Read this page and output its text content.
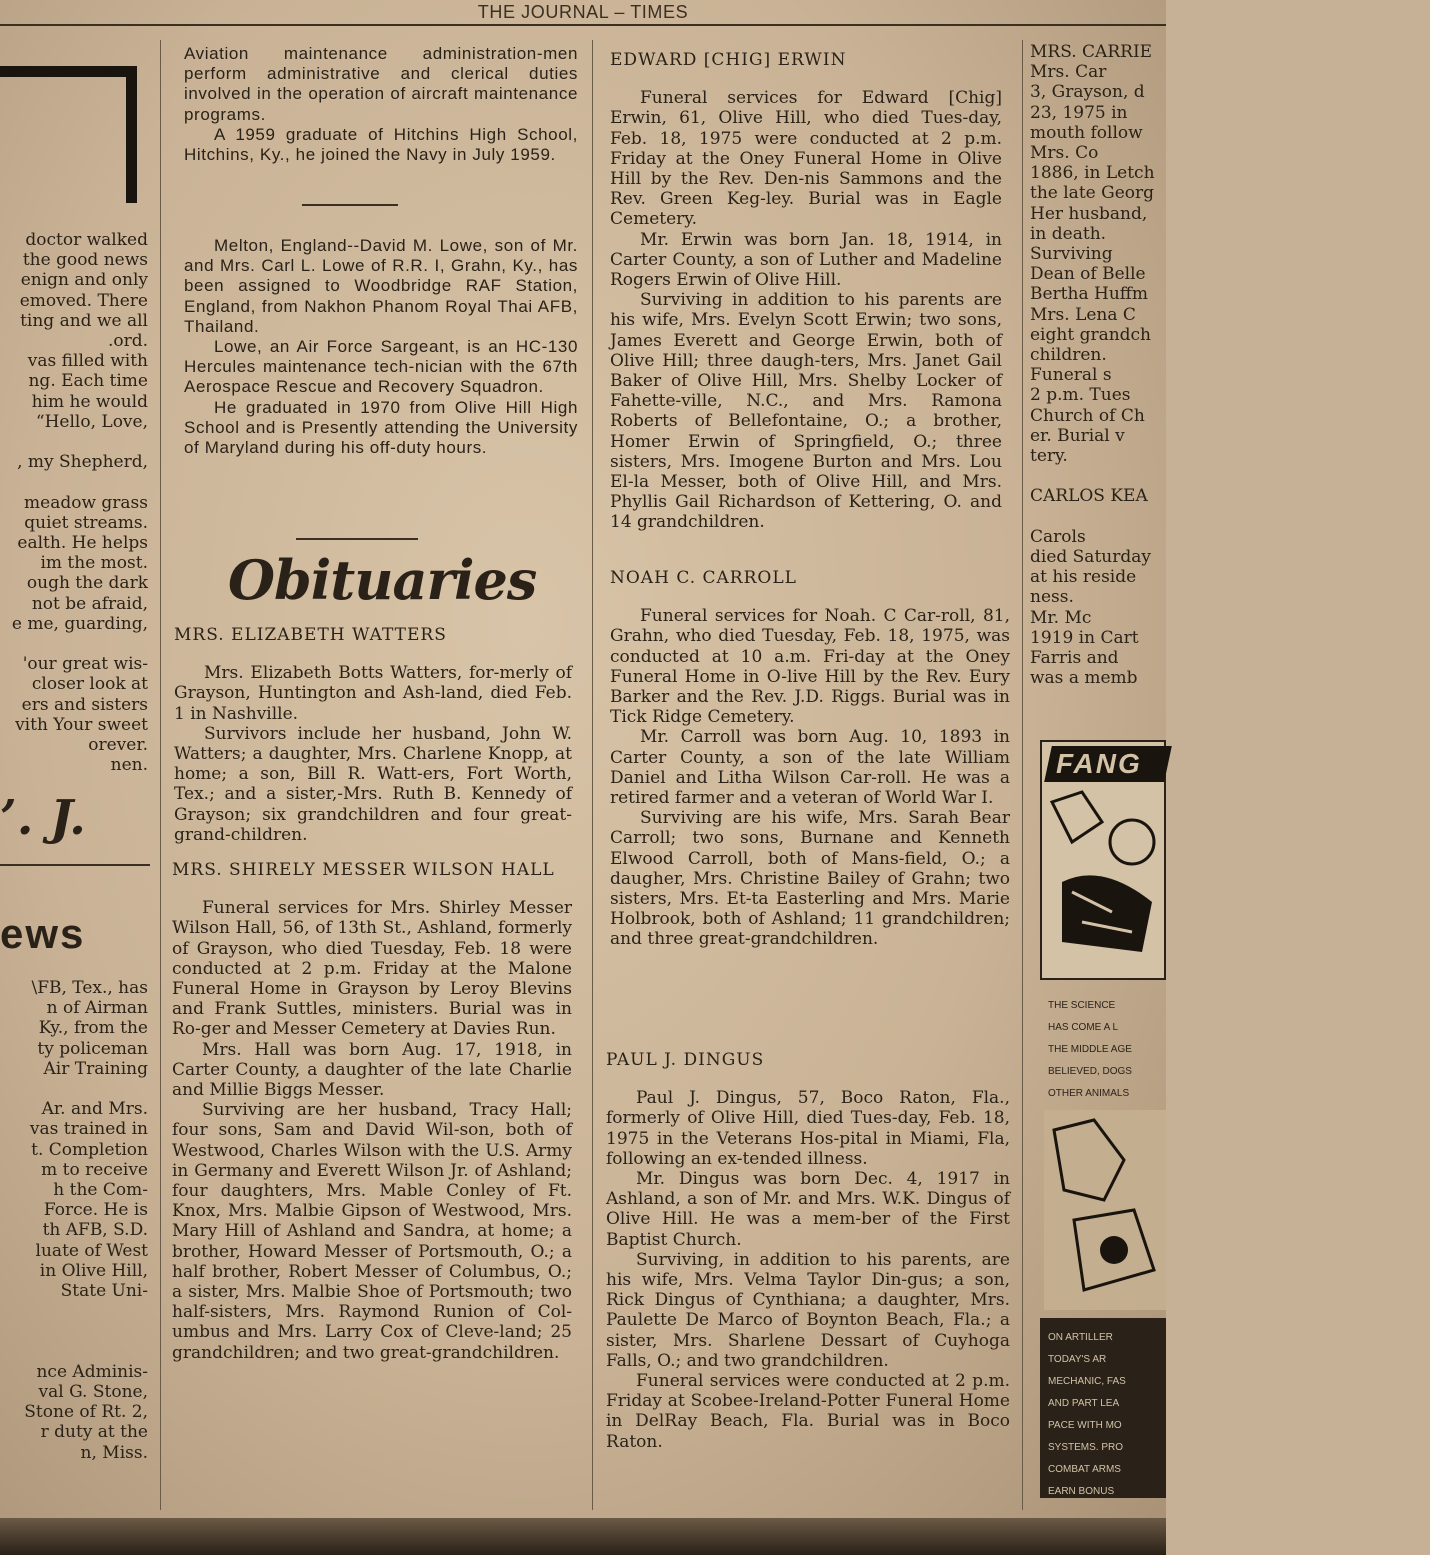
THE JOURNAL – TIMES

doctor walked

the good news

enign and only

emoved. There

ting and we all

.ord.

vas filled with

ng. Each time

him he would

“Hello, Love,

, my Shepherd,

meadow grass

quiet streams.

ealth. He helps

im the most.

ough the dark

not be afraid,

e me, guarding,

'our great wis-

closer look at

ers and sisters

vith Your sweet

orever.

nen.

’. J.
ews

\FB, Tex., has

n of Airman

Ky., from the

ty policeman

Air Training

Ar. and Mrs.

vas trained in

t. Completion

m to receive

h the Com-

Force. He is

th AFB, S.D.

luate of West

in Olive Hill,

State Uni-

nce Adminis-

val G. Stone,

Stone of Rt. 2,

r duty at the

n, Miss.

Aviation maintenance administration-men perform administrative and clerical duties involved in the operation of aircraft maintenance programs.

A 1959 graduate of Hitchins High School, Hitchins, Ky., he joined the Navy in July 1959.

Melton, England--David M. Lowe, son of Mr. and Mrs. Carl L. Lowe of R.R. I, Grahn, Ky., has been assigned to Woodbridge RAF Station, England, from Nakhon Phanom Royal Thai AFB, Thailand.

Lowe, an Air Force Sargeant, is an HC-130 Hercules maintenance tech-nician with the 67th Aerospace Rescue and Recovery Squadron.

He graduated in 1970 from Olive Hill High School and is Presently attending the University of Maryland during his off-duty hours.

Obituaries
MRS. ELIZABETH WATTERS

Mrs. Elizabeth Botts Watters, for-merly of Grayson, Huntington and Ash-land, died Feb. 1 in Nashville.

Survivors include her husband, John W. Watters; a daughter, Mrs. Charlene Knopp, at home; a son, Bill R. Watt-ers, Fort Worth, Tex.; and a sister,-Mrs. Ruth B. Kennedy of Grayson; six grandchildren and four great-grand-children.

MRS. SHIRELY MESSER WILSON HALL

Funeral services for Mrs. Shirley Messer Wilson Hall, 56, of 13th St., Ashland, formerly of Grayson, who died Tuesday, Feb. 18 were conducted at 2 p.m. Friday at the Malone Funeral Home in Grayson by Leroy Blevins and Frank Suttles, ministers. Burial was in Ro-ger and Messer Cemetery at Davies Run.

Mrs. Hall was born Aug. 17, 1918, in Carter County, a daughter of the late Charlie and Millie Biggs Messer.

Surviving are her husband, Tracy Hall; four sons, Sam and David Wil-son, both of Westwood, Charles Wilson with the U.S. Army in Germany and Everett Wilson Jr. of Ashland; four daughters, Mrs. Mable Conley of Ft. Knox, Mrs. Malbie Gipson of Westwood, Mrs. Mary Hill of Ashland and Sandra, at home; a brother, Howard Messer of Portsmouth, O.; a half brother, Robert Messer of Columbus, O.; a sister, Mrs. Malbie Shoe of Portsmouth; two half-sisters, Mrs. Raymond Runion of Col-umbus and Mrs. Larry Cox of Cleve-land; 25 grandchildren; and two great-grandchildren.

EDWARD [CHIG] ERWIN

Funeral services for Edward [Chig] Erwin, 61, Olive Hill, who died Tues-day, Feb. 18, 1975 were conducted at 2 p.m. Friday at the Oney Funeral Home in Olive Hill by the Rev. Den-nis Sammons and the Rev. Green Keg-ley. Burial was in Eagle Cemetery.

Mr. Erwin was born Jan. 18, 1914, in Carter County, a son of Luther and Madeline Rogers Erwin of Olive Hill.

Surviving in addition to his parents are his wife, Mrs. Evelyn Scott Erwin; two sons, James Everett and George Erwin, both of Olive Hill; three daugh-ters, Mrs. Janet Gail Baker of Olive Hill, Mrs. Shelby Locker of Fahette-ville, N.C., and Mrs. Ramona Roberts of Bellefontaine, O.; a brother, Homer Erwin of Springfield, O.; three sisters, Mrs. Imogene Burton and Mrs. Lou El-la Messer, both of Olive Hill, and Mrs. Phyllis Gail Richardson of Kettering, O. and 14 grandchildren.

NOAH C. CARROLL

Funeral services for Noah. C Car-roll, 81, Grahn, who died Tuesday, Feb. 18, 1975, was conducted at 10 a.m. Fri-day at the Oney Funeral Home in O-live Hill by the Rev. Eury Barker and the Rev. J.D. Riggs. Burial was in Tick Ridge Cemetery.

Mr. Carroll was born Aug. 10, 1893 in Carter County, a son of the late William Daniel and Litha Wilson Car-roll. He was a retired farmer and a veteran of World War I.

Surviving are his wife, Mrs. Sarah Bear Carroll; two sons, Burnane and Kenneth Elwood Carroll, both of Mans-field, O.; a daugher, Mrs. Christine Bailey of Grahn; two sisters, Mrs. Et-ta Easterling and Mrs. Marie Holbrook, both of Ashland; 11 grandchildren; and three great-grandchildren.

PAUL J. DINGUS

Paul J. Dingus, 57, Boco Raton, Fla., formerly of Olive Hill, died Tues-day, Feb. 18, 1975 in the Veterans Hos-pital in Miami, Fla, following an ex-tended illness.

Mr. Dingus was born Dec. 4, 1917 in Ashland, a son of Mr. and Mrs. W.K. Dingus of Olive Hill. He was a mem-ber of the First Baptist Church.

Surviving, in addition to his parents, are his wife, Mrs. Velma Taylor Din-gus; a son, Rick Dingus of Cynthiana; a daughter, Mrs. Paulette De Marco of Boynton Beach, Fla.; a sister, Mrs. Sharlene Dessart of Cuyhoga Falls, O.; and two grandchildren.

Funeral services were conducted at 2 p.m. Friday at Scobee-Ireland-Potter Funeral Home in DelRay Beach, Fla. Burial was in Boco Raton.

MRS. CARRIE

Mrs. Car

3, Grayson, d

23, 1975 in

mouth follow

Mrs. Co

1886, in Letch

the late Georg

Her husband,

in death.

Surviving

Dean of Belle

Bertha Huffm

Mrs. Lena C

eight grandch

children.

Funeral s

2 p.m. Tues

Church of Ch

er. Burial v

tery.

CARLOS KEA

Carols

died Saturday

at his reside

ness.

Mr. Mc

1919 in Cart

Farris and

was a memb

FANG

THE SCIENCE

HAS COME A L

THE MIDDLE AGE

BELIEVED, DOGS

OTHER ANIMALS

ON ARTILLER

TODAY'S AR

MECHANIC, FAS

AND PART LEA

PACE WITH MO

SYSTEMS. PRO

COMBAT ARMS

EARN BONUS
